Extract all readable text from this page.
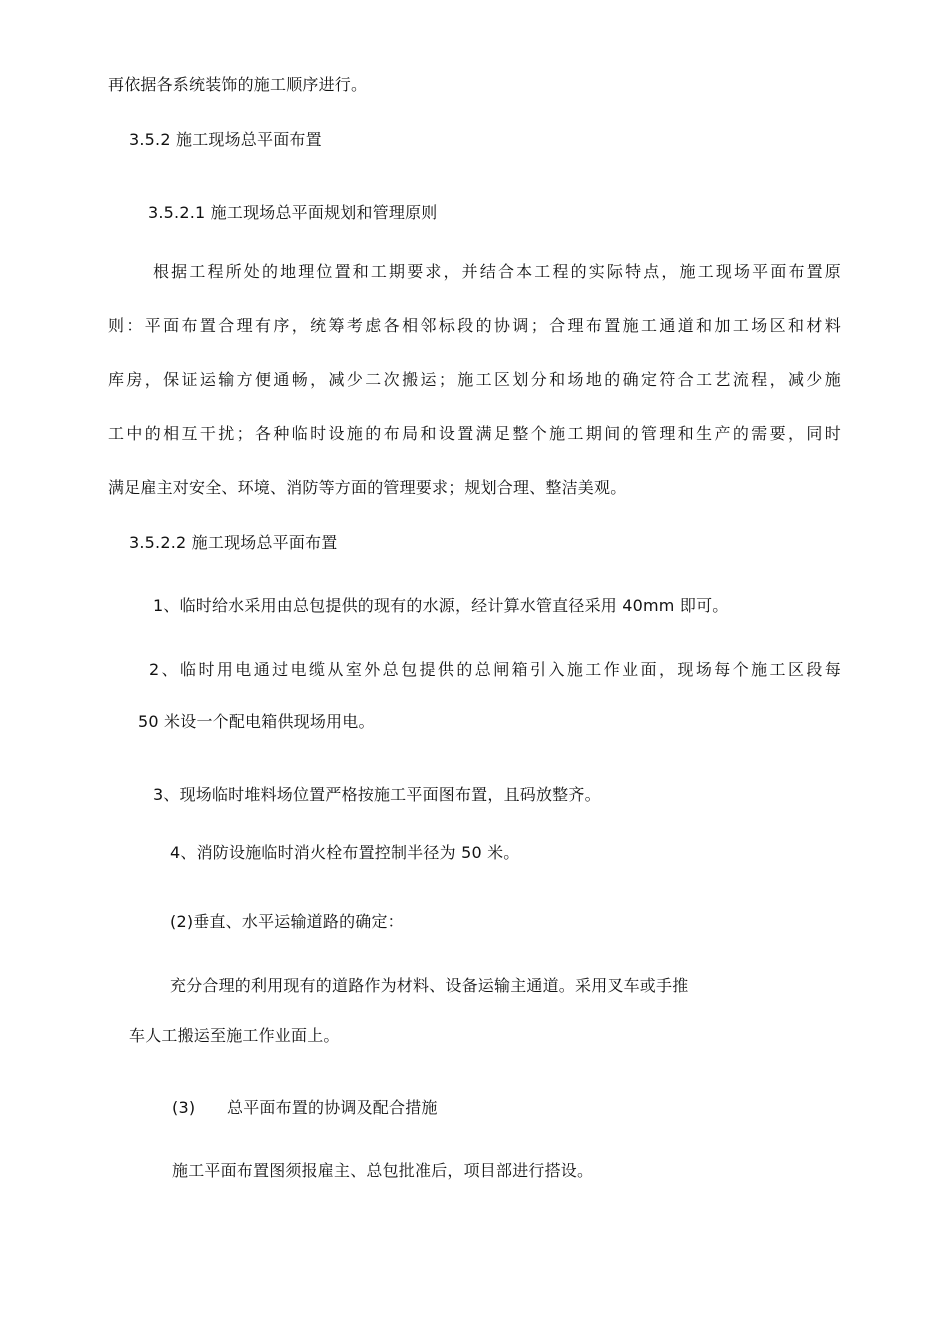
再依据各系统装饰的施工顺序进行。
3.5.2 施工现场总平面布置
3.5.2.1 施工现场总平面规划和管理原则
根据工程所处的地理位置和工期要求，并结合本工程的实际特点，施工现场平面布置原
则：平面布置合理有序，统筹考虑各相邻标段的协调；合理布置施工通道和加工场区和材料
库房，保证运输方便通畅，减少二次搬运；施工区划分和场地的确定符合工艺流程，减少施
工中的相互干扰；各种临时设施的布局和设置满足整个施工期间的管理和生产的需要，同时
满足雇主对安全、环境、消防等方面的管理要求；规划合理、整洁美观。
3.5.2.2 施工现场总平面布置
1、临时给水采用由总包提供的现有的水源，经计算水管直径采用 40mm 即可。
2、临时用电通过电缆从室外总包提供的总闸箱引入施工作业面，现场每个施工区段每
50 米设一个配电箱供现场用电。
3、现场临时堆料场位置严格按施工平面图布置，且码放整齐。
4、消防设施临时消火栓布置控制半径为 50 米。
(2)垂直、水平运输道路的确定：
充分合理的利用现有的道路作为材料、设备运输主通道。采用叉车或手推
车人工搬运至施工作业面上。
(3) 总平面布置的协调及配合措施
施工平面布置图须报雇主、总包批准后，项目部进行搭设。
